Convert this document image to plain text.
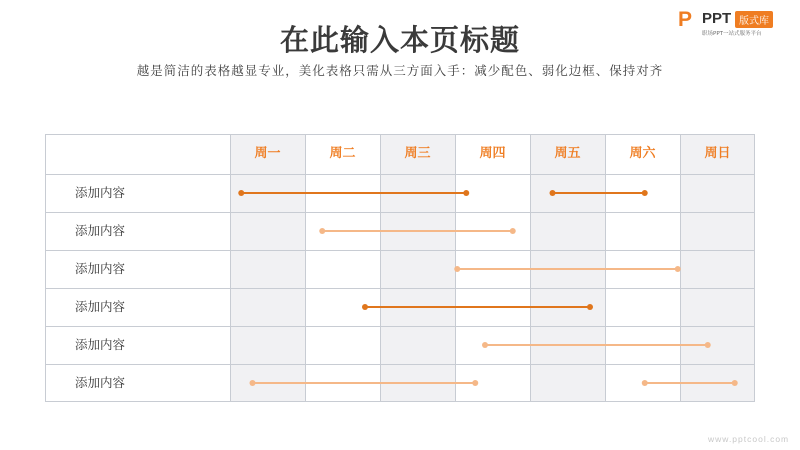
在此输入本页标题
越是简洁的表格越显专业，美化表格只需从三方面入手：减少配色、弱化边框、保持对齐
P PPT 版式库
职场PPT一站式服务平台
周一	周二	周三	周四	周五	周六	周日
添加内容
添加内容
添加内容
添加内容
添加内容
添加内容
www.pptcool.com
